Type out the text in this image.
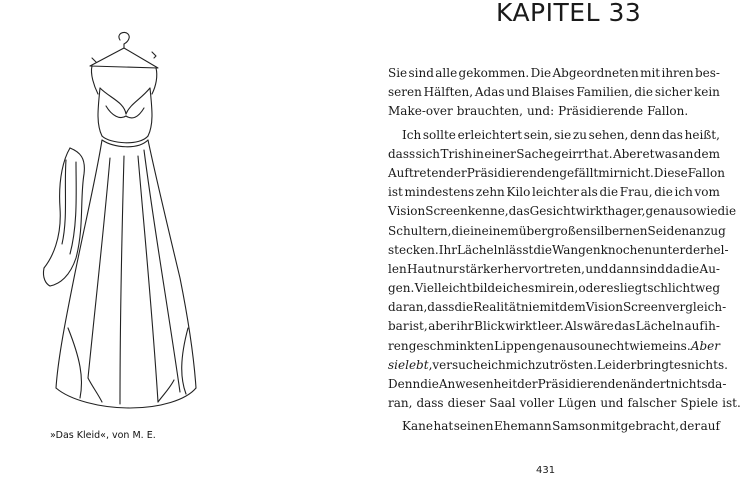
»Das Kleid«, von M. E.
KAPITEL 33
Sie sind alle gekommen. Die Abgeordneten mit ihren bes-
seren Hälften, Adas und Blaises Familien, die sicher kein
Make-over brauchten, und: Präsidierende Fallon.
Ich sollte erleichtert sein, sie zu sehen, denn das heißt,
dass sich Trish in einer Sache geirrt hat. Aber etwas an dem
Auftreten der Präsidierenden gefällt mir nicht. Diese Fallon
ist mindestens zehn Kilo leichter als die Frau, die ich vom
VisionScreen kenne, das Gesicht wirkt hager, genauso wie die
Schultern, die in einem übergroßen silbernen Seidenanzug
stecken. Ihr Lächeln lässt die Wangenknochen unter der hel-
len Haut nur stärker hervortreten, und dann sind da die Au-
gen. Vielleicht bilde ich es mir ein, oder es liegt schlichtweg
daran, dass die Realität nie mit dem VisionScreen vergleich-
bar ist, aber ihr Blick wirkt leer. Als wäre das Lächeln auf ih-
ren geschminkten Lippen genauso unecht wie meins. Aber
sie lebt, versuche ich mich zu trösten. Leider bringt es nichts.
Denn die Anwesenheit der Präsidierenden ändert nichts da-
ran, dass dieser Saal voller Lügen und falscher Spiele ist.
Kane hat seinen Ehemann Samson mitgebracht, der auf
431
